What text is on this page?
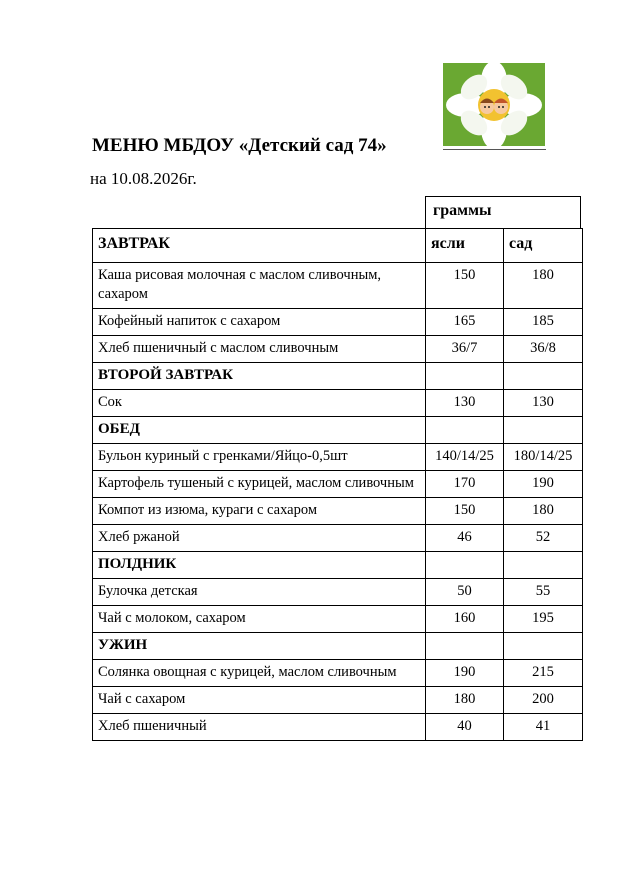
МЕНЮ МБДОУ «Детский сад 74»
на 10.08.2026г.
граммы
ЗАВТРАК	ясли	сад
Каша рисовая молочная с маслом сливочным, сахаром	150	180
Кофейный напиток с сахаром	165	185
Хлеб пшеничный с маслом сливочным	36/7	36/8
ВТОРОЙ ЗАВТРАК		
Сок	130	130
ОБЕД		
Бульон куриный с гренками/Яйцо-0,5шт	140/14/25	180/14/25
Картофель тушеный с курицей, маслом сливочным	170	190
Компот из изюма, кураги с сахаром	150	180
Хлеб ржаной	46	52
ПОЛДНИК		
Булочка детская	50	55
Чай с молоком, сахаром	160	195
УЖИН		
Солянка овощная с курицей, маслом сливочным	190	215
Чай с сахаром	180	200
Хлеб пшеничный	40	41
